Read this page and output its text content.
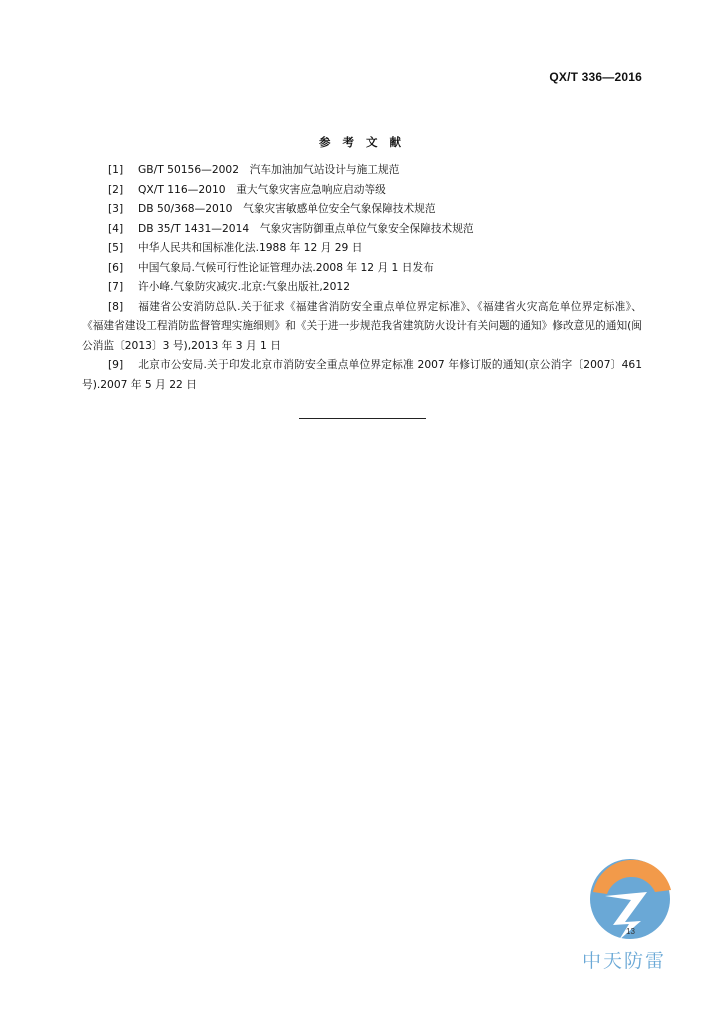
QX/T 336—2016
参 考 文 献

[1] GB/T 50156—2002　汽车加油加气站设计与施工规范

[2] QX/T 116—2010　重大气象灾害应急响应启动等级

[3] DB 50/368—2010　气象灾害敏感单位安全气象保障技术规范

[4] DB 35/T 1431—2014　气象灾害防御重点单位气象安全保障技术规范

[5] 中华人民共和国标准化法.1988 年 12 月 29 日

[6] 中国气象局.气候可行性论证管理办法.2008 年 12 月 1 日发布

[7] 许小峰.气象防灾减灾.北京:气象出版社,2012

[8] 福建省公安消防总队.关于征求《福建省消防安全重点单位界定标准》、《福建省火灾高危单位界定标准》、《福建省建设工程消防监督管理实施细则》和《关于进一步规范我省建筑防火设计有关问题的通知》修改意见的通知(闽公消监〔2013〕3 号),2013 年 3 月 1 日

[9] 北京市公安局.关于印发北京市消防安全重点单位界定标准 2007 年修订版的通知(京公消字〔2007〕461 号).2007 年 5 月 22 日

13
中天防雷
